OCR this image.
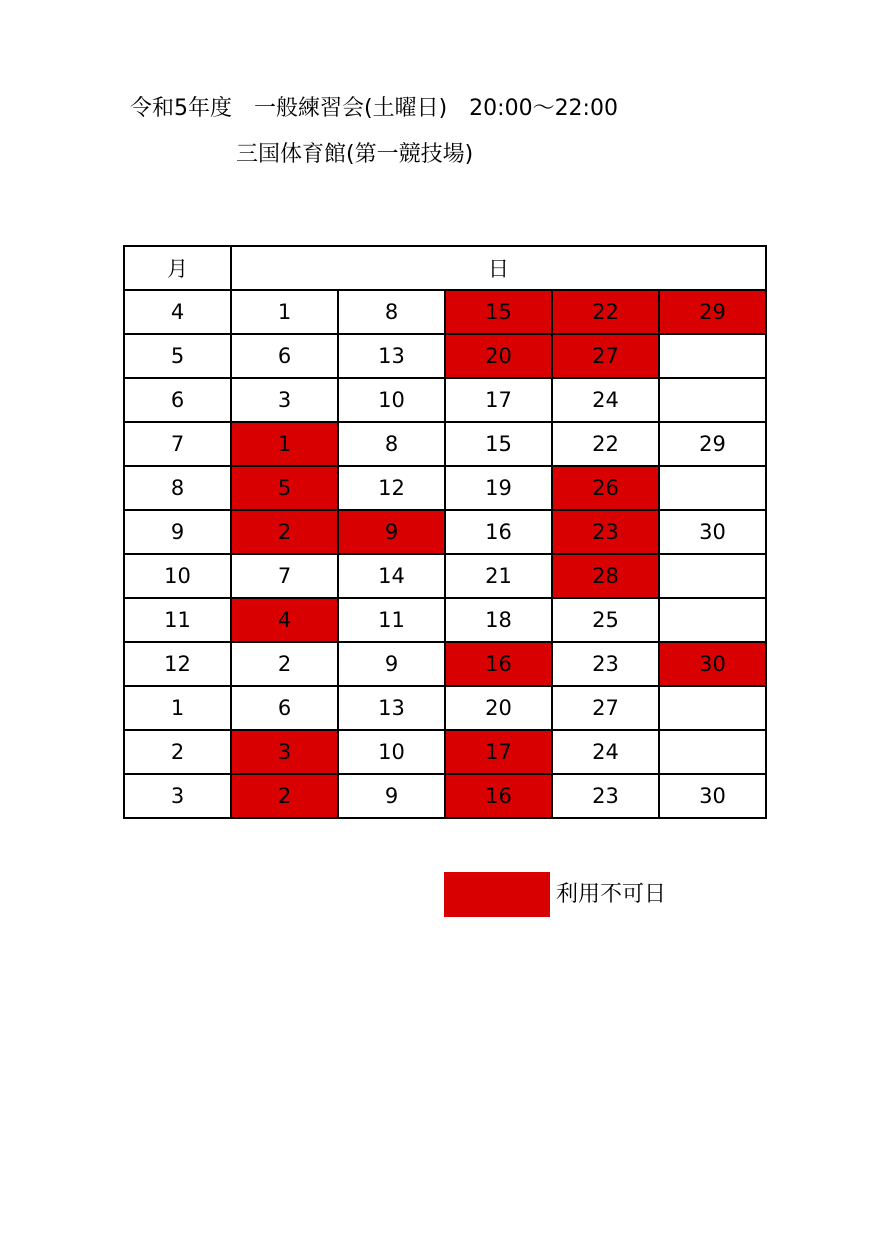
令和5年度　一般練習会(土曜日)　20:00～22:00
三国体育館(第一競技場)
月	日				
4	1	8	15	22	29
5	6	13	20	27	
6	3	10	17	24	
7	1	8	15	22	29
8	5	12	19	26	
9	2	9	16	23	30
10	7	14	21	28	
11	4	11	18	25	
12	2	9	16	23	30
1	6	13	20	27	
2	3	10	17	24	
3	2	9	16	23	30
利用不可日
